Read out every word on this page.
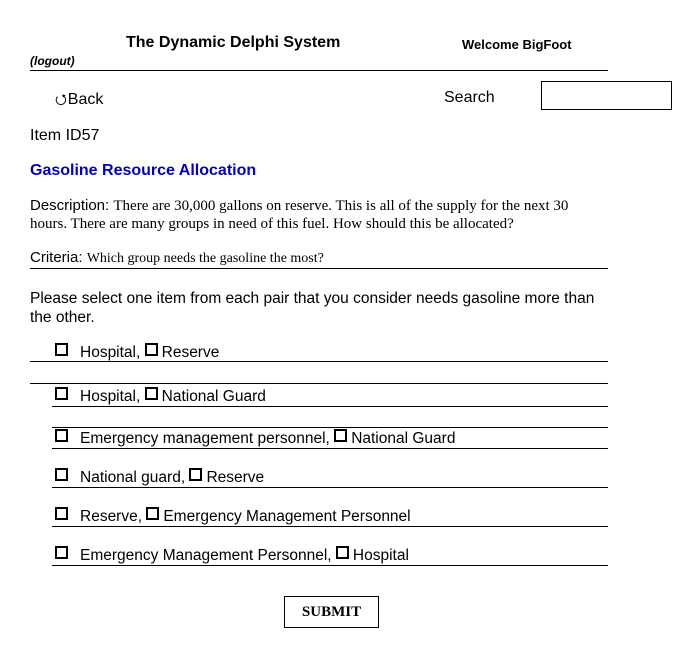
The Dynamic Delphi System	Welcome BigFoot
(logout)
⭯Back	Search
Item ID57
Gasoline Resource Allocation
Description: There are 30,000 gallons on reserve. This is all of the supply for the next 30 hours. There are many groups in need of this fuel. How should this be allocated?
Criteria: Which group needs the gasoline the most?
Please select one item from each pair that you consider needs gasoline more than the other.
Hospital, Reserve
Hospital, National Guard
Emergency management personnel, National Guard
National guard, Reserve
Reserve, Emergency Management Personnel
Emergency Management Personnel, Hospital
SUBMIT
